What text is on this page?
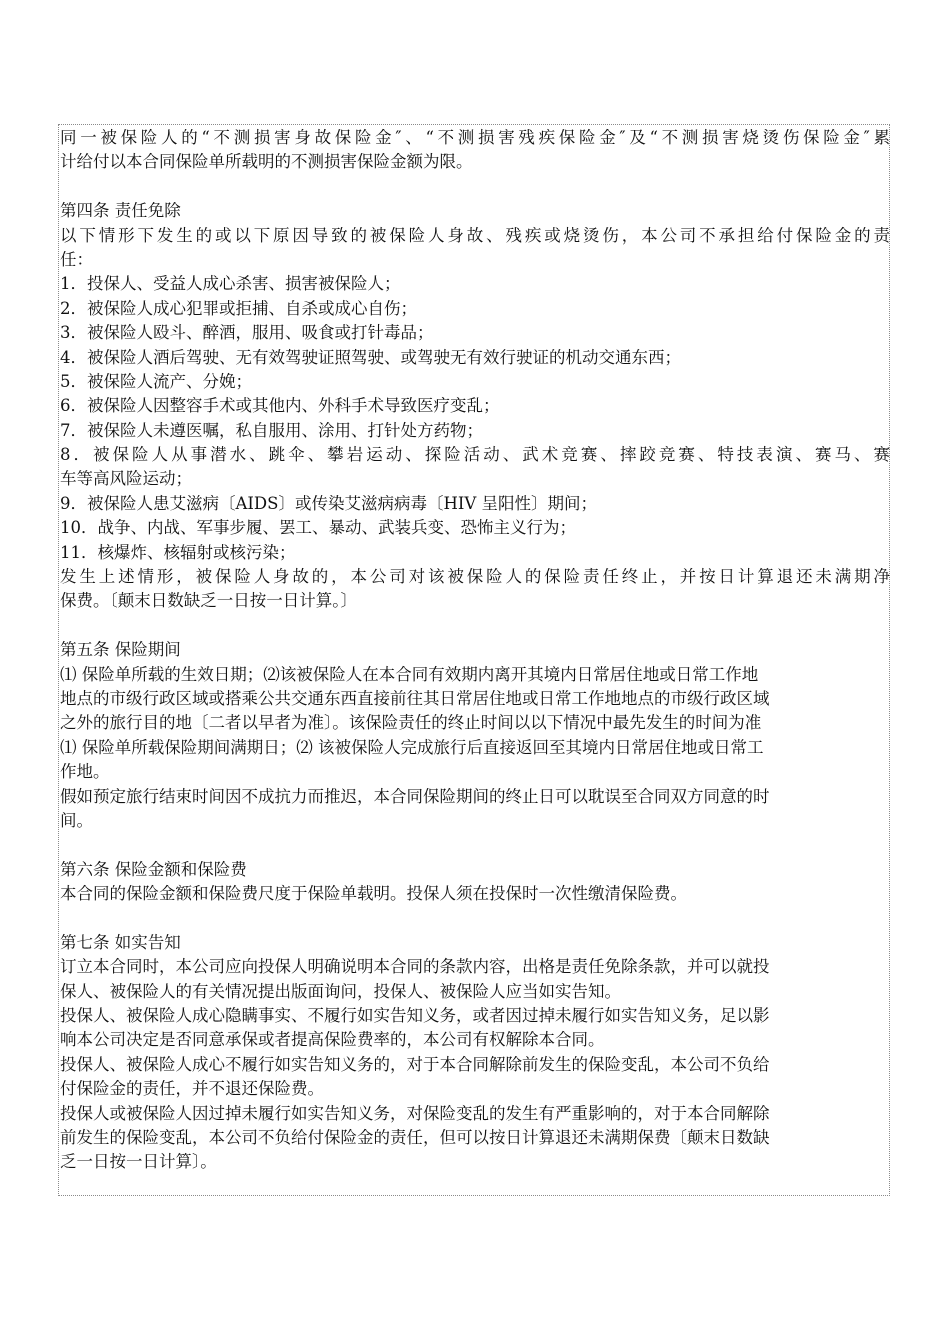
同一被保险人的“不测损害身故保险金″、“不测损害残疾保险金″及“不测损害烧烫伤保险金″累
计给付以本合同保险单所载明的不测损害保险金额为限。
第四条 责任免除
以下情形下发生的或以下原因导致的被保险人身故、残疾或烧烫伤，本公司不承担给付保险金的责
任：
1．投保人、受益人成心杀害、损害被保险人；
2．被保险人成心犯罪或拒捕、自杀或成心自伤；
3．被保险人殴斗、醉酒，服用、吸食或打针毒品；
4．被保险人酒后驾驶、无有效驾驶证照驾驶、或驾驶无有效行驶证的机动交通东西；
5．被保险人流产、分娩；
6．被保险人因整容手术或其他内、外科手术导致医疗变乱；
7．被保险人未遵医嘱，私自服用、涂用、打针处方药物；
8．被保险人从事潜水、跳伞、攀岩运动、探险活动、武术竞赛、摔跤竞赛、特技表演、赛马、赛
车等高风险运动；
9．被保险人患艾滋病〔AIDS〕或传染艾滋病病毒〔HIV 呈阳性〕期间；
10．战争、内战、军事步履、罢工、暴动、武装兵变、恐怖主义行为；
11．核爆炸、核辐射或核污染；
发生上述情形，被保险人身故的，本公司对该被保险人的保险责任终止，并按日计算退还未满期净
保费。〔颠末日数缺乏一日按一日计算。〕
第五条 保险期间
⑴ 保险单所载的生效日期；⑵该被保险人在本合同有效期内离开其境内日常居住地或日常工作地
地点的市级行政区域或搭乘公共交通东西直接前往其日常居住地或日常工作地地点的市级行政区域
之外的旅行目的地〔二者以早者为准〕。该保险责任的终止时间以以下情况中最先发生的时间为准
⑴ 保险单所载保险期间满期日；⑵ 该被保险人完成旅行后直接返回至其境内日常居住地或日常工
作地。
假如预定旅行结束时间因不成抗力而推迟，本合同保险期间的终止日可以耽误至合同双方同意的时
间。
第六条 保险金额和保险费
本合同的保险金额和保险费尺度于保险单载明。投保人须在投保时一次性缴清保险费。
第七条 如实告知
订立本合同时，本公司应向投保人明确说明本合同的条款内容，出格是责任免除条款，并可以就投
保人、被保险人的有关情况提出版面询问，投保人、被保险人应当如实告知。
投保人、被保险人成心隐瞒事实、不履行如实告知义务，或者因过掉未履行如实告知义务，足以影
响本公司决定是否同意承保或者提高保险费率的，本公司有权解除本合同。
投保人、被保险人成心不履行如实告知义务的，对于本合同解除前发生的保险变乱，本公司不负给
付保险金的责任，并不退还保险费。
投保人或被保险人因过掉未履行如实告知义务，对保险变乱的发生有严重影响的，对于本合同解除
前发生的保险变乱，本公司不负给付保险金的责任，但可以按日计算退还未满期保费〔颠末日数缺
乏一日按一日计算〕。
